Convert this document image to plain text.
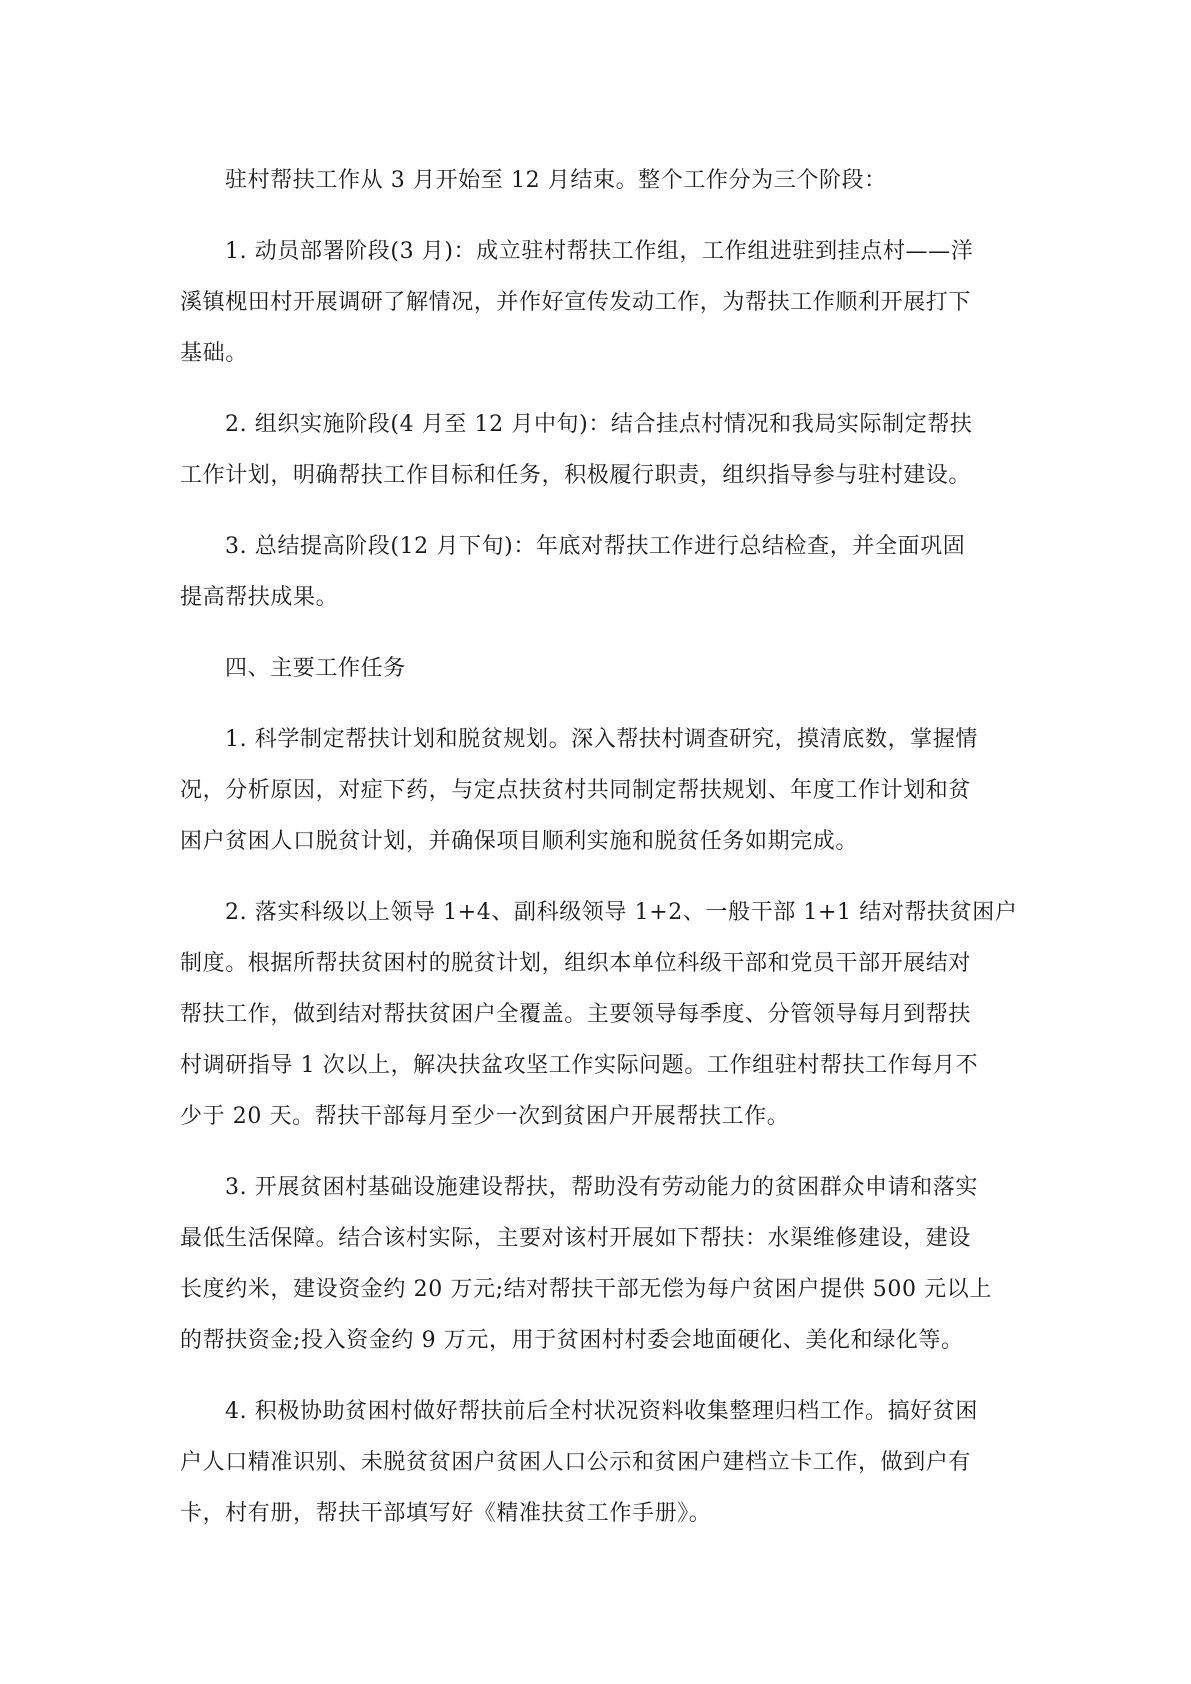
驻村帮扶工作从 3 月开始至 12 月结束。整个工作分为三个阶段：
1. 动员部署阶段(3 月)：成立驻村帮扶工作组，工作组进驻到挂点村——洋
溪镇枧田村开展调研了解情况，并作好宣传发动工作，为帮扶工作顺利开展打下
基础。
2. 组织实施阶段(4 月至 12 月中旬)：结合挂点村情况和我局实际制定帮扶
工作计划，明确帮扶工作目标和任务，积极履行职责，组织指导参与驻村建设。
3. 总结提高阶段(12 月下旬)：年底对帮扶工作进行总结检查，并全面巩固
提高帮扶成果。
四、主要工作任务
1. 科学制定帮扶计划和脱贫规划。深入帮扶村调查研究，摸清底数，掌握情
况，分析原因，对症下药，与定点扶贫村共同制定帮扶规划、年度工作计划和贫
困户贫困人口脱贫计划，并确保项目顺利实施和脱贫任务如期完成。
2. 落实科级以上领导 1+4、副科级领导 1+2、一般干部 1+1 结对帮扶贫困户
制度。根据所帮扶贫困村的脱贫计划，组织本单位科级干部和党员干部开展结对
帮扶工作，做到结对帮扶贫困户全覆盖。主要领导每季度、分管领导每月到帮扶
村调研指导 1 次以上，解决扶盆攻坚工作实际问题。工作组驻村帮扶工作每月不
少于 20 天。帮扶干部每月至少一次到贫困户开展帮扶工作。
3. 开展贫困村基础设施建设帮扶，帮助没有劳动能力的贫困群众申请和落实
最低生活保障。结合该村实际，主要对该村开展如下帮扶：水渠维修建设，建设
长度约米，建设资金约 20 万元;结对帮扶干部无偿为每户贫困户提供 500 元以上
的帮扶资金;投入资金约 9 万元，用于贫困村村委会地面硬化、美化和绿化等。
4. 积极协助贫困村做好帮扶前后全村状况资料收集整理归档工作。搞好贫困
户人口精准识别、未脱贫贫困户贫困人口公示和贫困户建档立卡工作，做到户有
卡，村有册，帮扶干部填写好《精准扶贫工作手册》。
